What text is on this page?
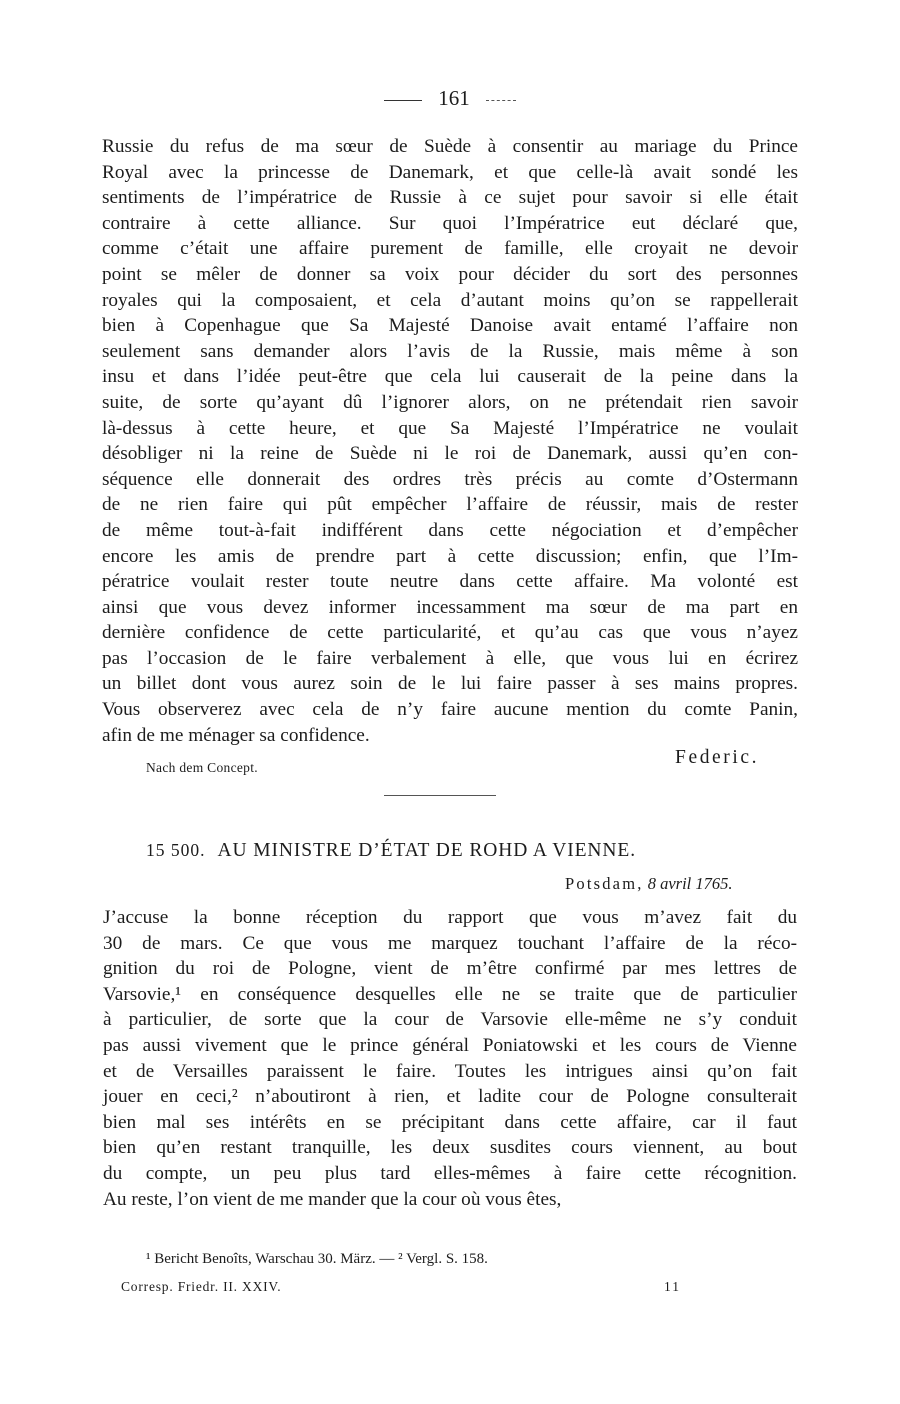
161
Russie du refus de ma sœur de Suède à consentir au mariage du Prince
Royal avec la princesse de Danemark, et que celle-là avait sondé les
sentiments de l’impératrice de Russie à ce sujet pour savoir si elle était
contraire à cette alliance. Sur quoi l’Impératrice eut déclaré que,
comme c’était une affaire purement de famille, elle croyait ne devoir
point se mêler de donner sa voix pour décider du sort des personnes
royales qui la composaient, et cela d’autant moins qu’on se rappellerait
bien à Copenhague que Sa Majesté Danoise avait entamé l’affaire non
seulement sans demander alors l’avis de la Russie, mais même à son
insu et dans l’idée peut-être que cela lui causerait de la peine dans la
suite, de sorte qu’ayant dû l’ignorer alors, on ne prétendait rien savoir
là-dessus à cette heure, et que Sa Majesté l’Impératrice ne voulait
désobliger ni la reine de Suède ni le roi de Danemark, aussi qu’en con-
séquence elle donnerait des ordres très précis au comte d’Ostermann
de ne rien faire qui pût empêcher l’affaire de réussir, mais de rester
de même tout-à-fait indifférent dans cette négociation et d’empêcher
encore les amis de prendre part à cette discussion; enfin, que l’Im-
pératrice voulait rester toute neutre dans cette affaire. Ma volonté est
ainsi que vous devez informer incessamment ma sœur de ma part en
dernière confidence de cette particularité, et qu’au cas que vous n’ayez
pas l’occasion de le faire verbalement à elle, que vous lui en écrirez
un billet dont vous aurez soin de le lui faire passer à ses mains propres.
Vous observerez avec cela de n’y faire aucune mention du comte Panin,
afin de me ménager sa confidence.
Nach dem Concept.	Federic.
15 500. AU MINISTRE D’ÉTAT DE ROHD A VIENNE.
Potsdam, 8 avril 1765.
J’accuse la bonne réception du rapport que vous m’avez fait du
30 de mars. Ce que vous me marquez touchant l’affaire de la réco-
gnition du roi de Pologne, vient de m’être confirmé par mes lettres de
Varsovie,¹ en conséquence desquelles elle ne se traite que de particulier
à particulier, de sorte que la cour de Varsovie elle-même ne s’y conduit
pas aussi vivement que le prince général Poniatowski et les cours de Vienne
et de Versailles paraissent le faire. Toutes les intrigues ainsi qu’on fait
jouer en ceci,² n’aboutiront à rien, et ladite cour de Pologne consulterait
bien mal ses intérêts en se précipitant dans cette affaire, car il faut
bien qu’en restant tranquille, les deux susdites cours viennent, au bout
du compte, un peu plus tard elles-mêmes à faire cette récognition.
Au reste, l’on vient de me mander que la cour où vous êtes,
¹ Bericht Benoîts, Warschau 30. März. — ² Vergl. S. 158.
Corresp. Friedr. II. XXIV.	11
